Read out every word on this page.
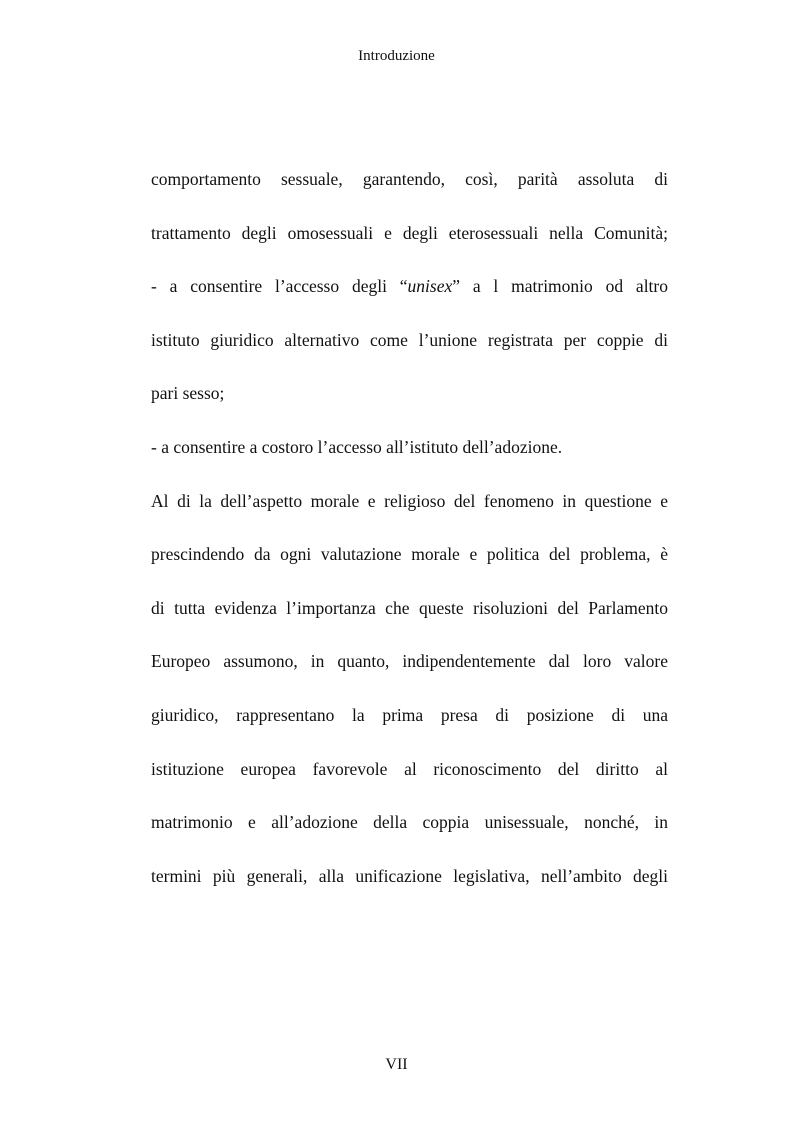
Introduzione
comportamento sessuale, garantendo, così, parità assoluta di
trattamento degli omosessuali e degli eterosessuali nella Comunità;
- a consentire l’accesso degli “unisex” a l matrimonio od altro
istituto giuridico alternativo come l’unione registrata per coppie di
pari sesso;
- a consentire a costoro l’accesso all’istituto dell’adozione.
Al di la dell’aspetto morale e religioso del fenomeno in questione e
prescindendo da ogni valutazione morale e politica del problema, è
di tutta evidenza l’importanza che queste risoluzioni del Parlamento
Europeo assumono, in quanto, indipendentemente dal loro valore
giuridico, rappresentano la prima presa di posizione di una
istituzione europea favorevole al riconoscimento del diritto al
matrimonio e all’adozione della coppia unisessuale, nonché, in
termini più generali, alla unificazione legislativa, nell’ambito degli
VII
